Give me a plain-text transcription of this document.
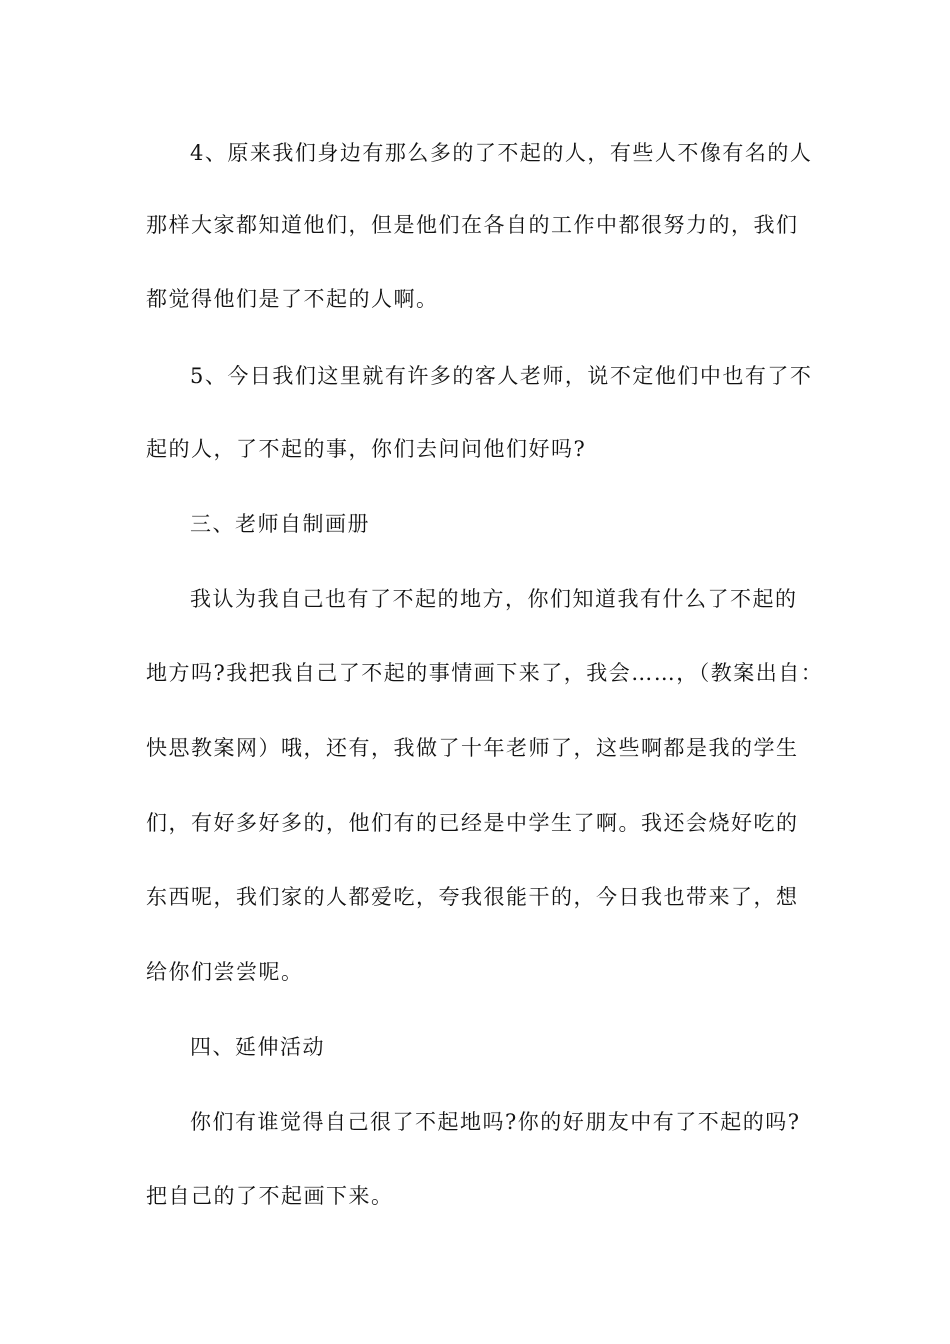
4、原来我们身边有那么多的了不起的人，有些人不像有名的人

那样大家都知道他们，但是他们在各自的工作中都很努力的，我们

都觉得他们是了不起的人啊。

5、今日我们这里就有许多的客人老师，说不定他们中也有了不

起的人，了不起的事，你们去问问他们好吗?

三、老师自制画册

我认为我自己也有了不起的地方，你们知道我有什么了不起的

地方吗?我把我自己了不起的事情画下来了，我会……，（教案出自：

快思教案网）哦，还有，我做了十年老师了，这些啊都是我的学生

们，有好多好多的，他们有的已经是中学生了啊。我还会烧好吃的

东西呢，我们家的人都爱吃，夸我很能干的，今日我也带来了，想

给你们尝尝呢。

四、延伸活动

你们有谁觉得自己很了不起地吗?你的好朋友中有了不起的吗?

把自己的了不起画下来。
